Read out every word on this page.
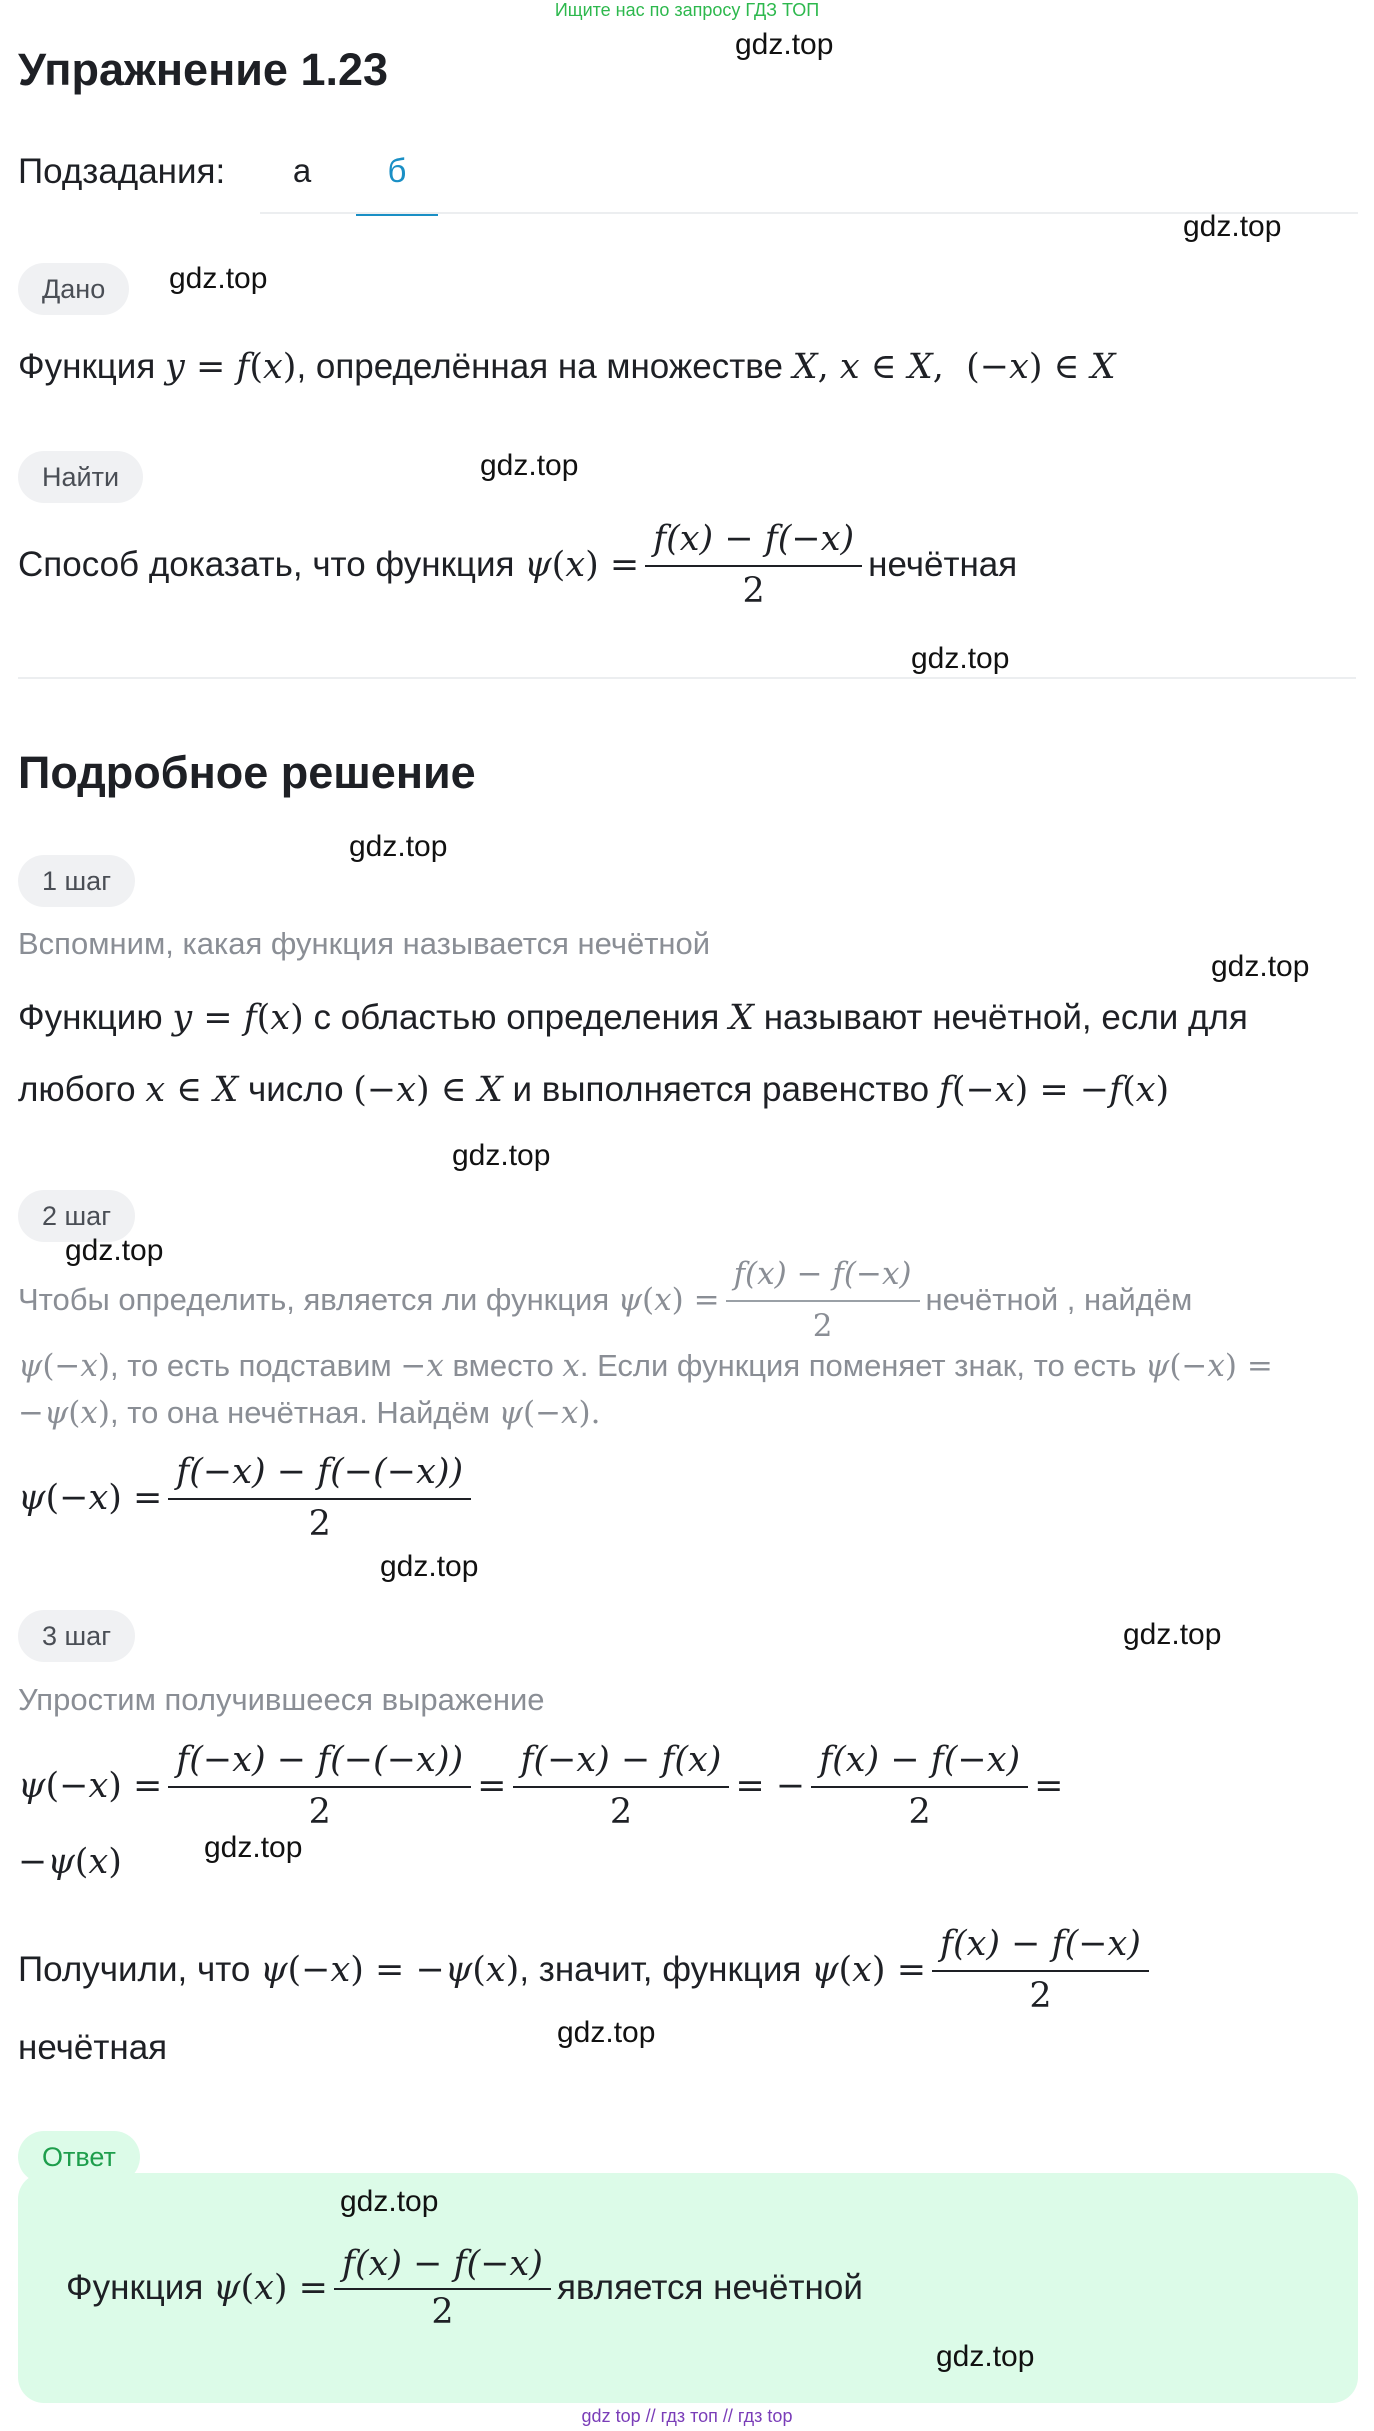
Ищите нас по запросу ГДЗ ТОП
Упражнение 1.23
Подзадания:	а	б
Дано
Функция y = f(x), определённая на множестве X, x ∈ X,  (−x) ∈ X
Найти
Способ доказать, что функция
ψ ( x ) = $\frac{f(x) - f(-x)}{2}$ нечётная
Подробное решение
1 шаг
Вспомним, какая функция называется нечётной
Функцию y = f(x) с областью определения X называют нечётной, если для
любого x ∈ X число (−x) ∈ X и выполняется равенство f(−x) = −f(x)
2 шаг
Чтобы определить, является ли функция
ψ ( x ) = $\frac{f(x) - f(-x)}{2}$ нечётной , найдём
ψ(−x), то есть подставим −x вместо x. Если функция поменяет знак, то есть ψ(−x) =
−ψ(x), то она нечётная. Найдём ψ(−x).
ψ (− x ) = $\frac{f(-x) - f(-(-x))}{2}$
3 шаг
Упростим получившееся выражение
ψ (− x ) = $\frac{f(-x) - f(-(-x))}{2} = \frac{f(-x) - f(x)}{2}$ = − $\frac{f(x) - f(-x)}{2}$ =
−ψ(x)
Получили, что
ψ (− x ) = − ψ ( x ) , значит, функция
ψ ( x ) = $\frac{f(x) - f(-x)}{2}$
нечётная
Ответ
Функция
ψ ( x ) = $\frac{f(x) - f(-x)}{2}$ является нечётной
gdz.top
gdz.top
gdz.top
gdz.top
gdz.top
gdz.top
gdz.top
gdz.top
gdz.top
gdz.top
gdz.top
gdz.top
gdz.top
gdz.top
gdz.top
gdz top // гдз топ // гдз top
